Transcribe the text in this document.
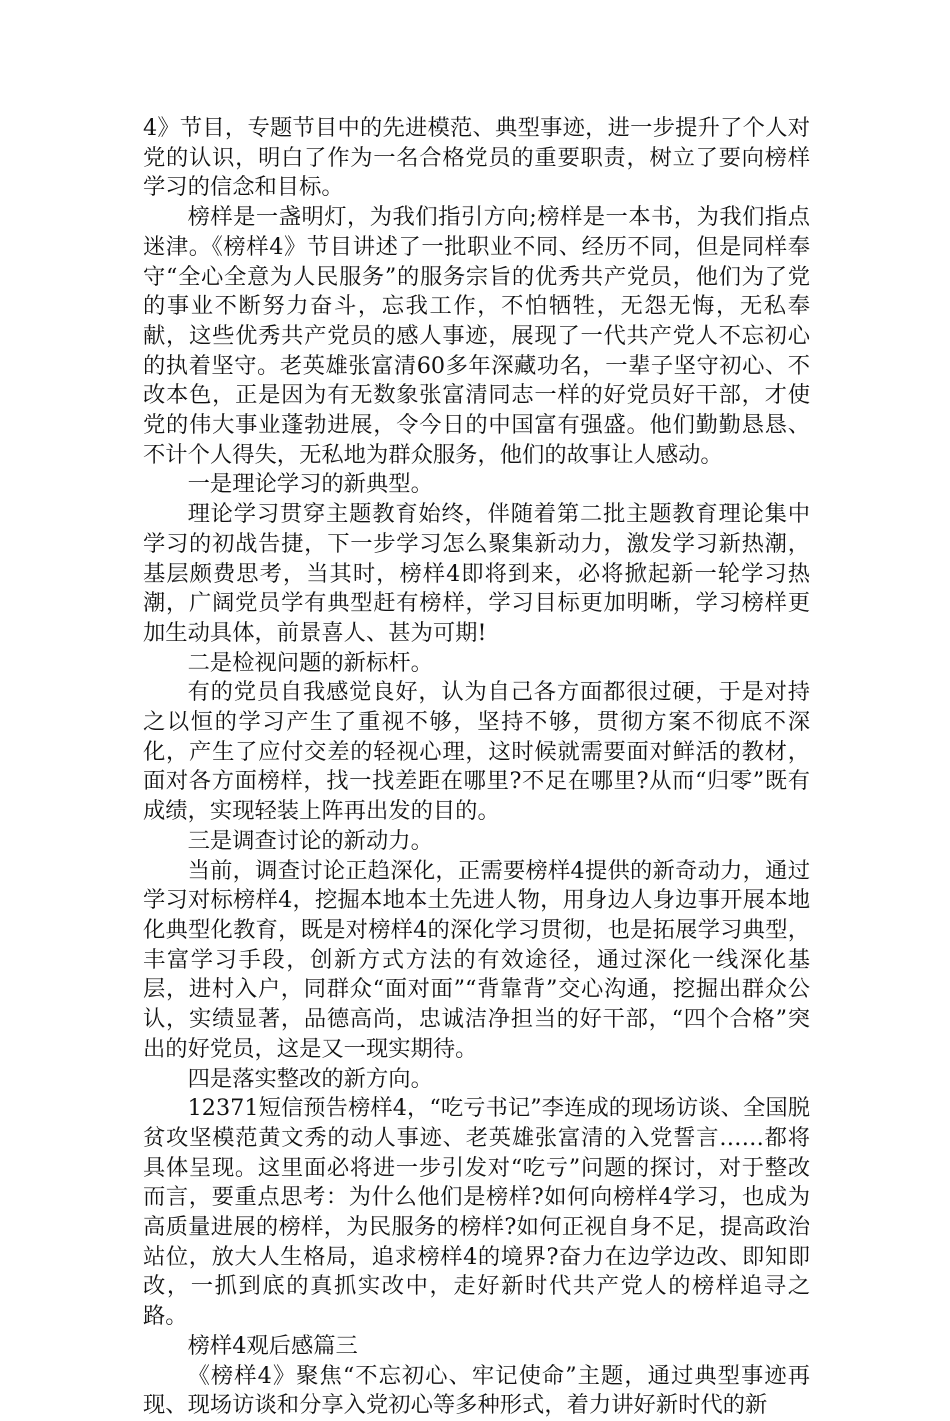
4》节目，专题节目中的先进模范、典型事迹，进一步提升了个人对党的认识，明白了作为一名合格党员的重要职责，树立了要向榜样学习的信念和目标。

榜样是一盏明灯，为我们指引方向;榜样是一本书，为我们指点迷津。《榜样4》节目讲述了一批职业不同、经历不同，但是同样奉守“全心全意为人民服务”的服务宗旨的优秀共产党员，他们为了党的事业不断努力奋斗，忘我工作，不怕牺牲，无怨无悔，无私奉献，这些优秀共产党员的感人事迹，展现了一代共产党人不忘初心的执着坚守。老英雄张富清60多年深藏功名，一辈子坚守初心、不改本色，正是因为有无数象张富清同志一样的好党员好干部，才使党的伟大事业蓬勃进展，令今日的中国富有强盛。他们勤勤恳恳、不计个人得失，无私地为群众服务，他们的故事让人感动。

一是理论学习的新典型。

理论学习贯穿主题教育始终，伴随着第二批主题教育理论集中学习的初战告捷，下一步学习怎么聚集新动力，激发学习新热潮，基层颇费思考，当其时，榜样4即将到来，必将掀起新一轮学习热潮，广阔党员学有典型赶有榜样，学习目标更加明晰，学习榜样更加生动具体，前景喜人、甚为可期!

二是检视问题的新标杆。

有的党员自我感觉良好，认为自己各方面都很过硬，于是对持之以恒的学习产生了重视不够，坚持不够，贯彻方案不彻底不深化，产生了应付交差的轻视心理，这时候就需要面对鲜活的教材，面对各方面榜样，找一找差距在哪里?不足在哪里?从而“归零”既有成绩，实现轻装上阵再出发的目的。

三是调查讨论的新动力。

当前，调查讨论正趋深化，正需要榜样4提供的新奇动力，通过学习对标榜样4，挖掘本地本土先进人物，用身边人身边事开展本地化典型化教育，既是对榜样4的深化学习贯彻，也是拓展学习典型，丰富学习手段，创新方式方法的有效途径，通过深化一线深化基层，进村入户，同群众“面对面”“背靠背”交心沟通，挖掘出群众公认，实绩显著，品德高尚，忠诚洁净担当的好干部，“四个合格”突出的好党员，这是又一现实期待。

四是落实整改的新方向。

12371短信预告榜样4，“吃亏书记”李连成的现场访谈、全国脱贫攻坚模范黄文秀的动人事迹、老英雄张富清的入党誓言……都将具体呈现。这里面必将进一步引发对“吃亏”问题的探讨，对于整改而言，要重点思考：为什么他们是榜样?如何向榜样4学习，也成为高质量进展的榜样，为民服务的榜样?如何正视自身不足，提高政治站位，放大人生格局，追求榜样4的境界?奋力在边学边改、即知即改，一抓到底的真抓实改中，走好新时代共产党人的榜样追寻之路。

榜样4观后感篇三

《榜样4》聚焦“不忘初心、牢记使命”主题，通过典型事迹再现、现场访谈和分享入党初心等多种形式，着力讲好新时代的新
